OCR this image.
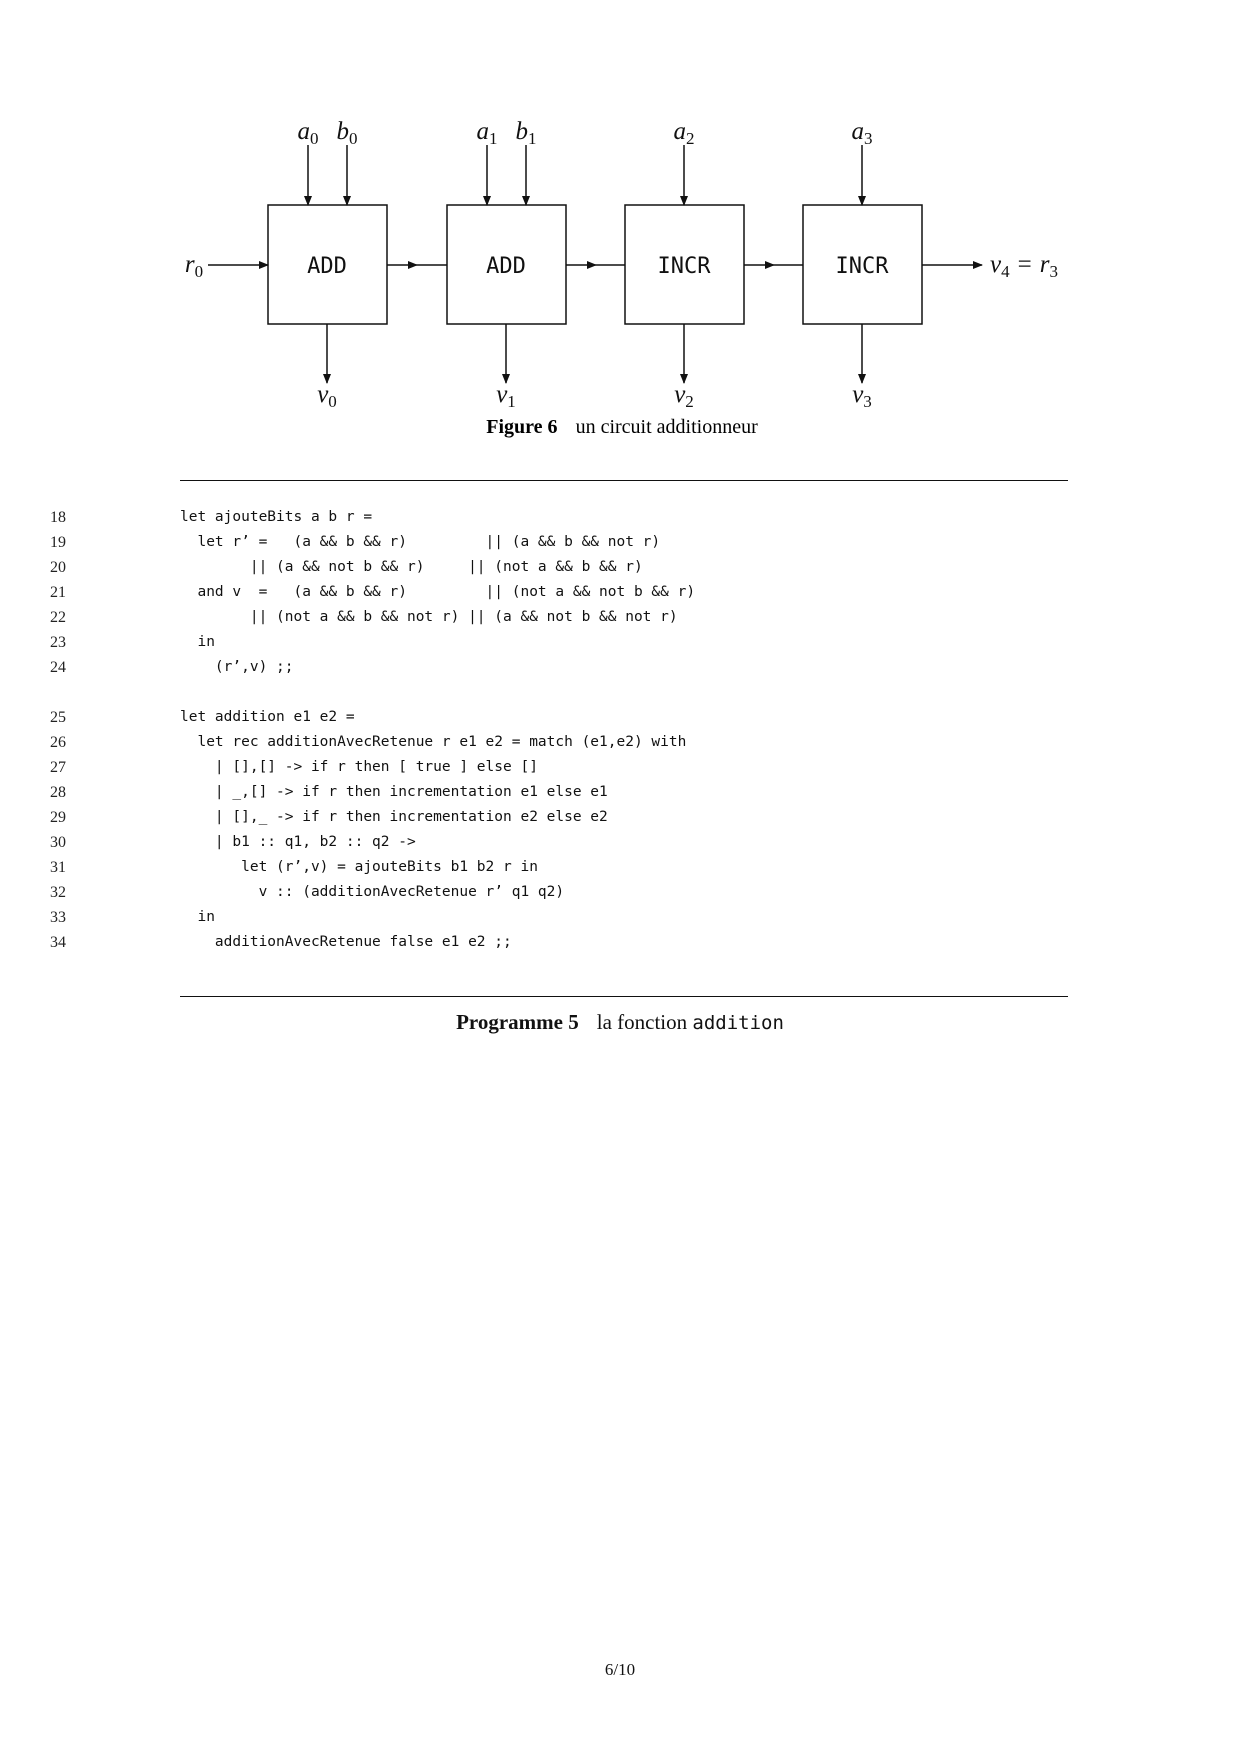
ADD	ADD	INCR	INCR
a0 b0	a1 b1	a2	a3
v0	v1	v2	v3
r0	v4 = r3
Figure 6 un circuit additionneur
18	let ajouteBits a b r =
19	let r’ =   (a && b && r)         || (a && b && not r)
20	|| (a && not b && r)     || (not a && b && r)
21	and v  =   (a && b && r)         || (not a && not b && r)
22	|| (not a && b && not r) || (a && not b && not r)
23	in
24	(r’,v) ;;
25	let addition e1 e2 =
26	let rec additionAvecRetenue r e1 e2 = match (e1,e2) with
27	| [],[] -> if r then [ true ] else []
28	| _,[] -> if r then incrementation e1 else e1
29	| [],_ -> if r then incrementation e2 else e2
30	| b1 :: q1, b2 :: q2 ->
31	let (r’,v) = ajouteBits b1 b2 r in
32	v :: (additionAvecRetenue r’ q1 q2)
33	in
34	additionAvecRetenue false e1 e2 ;;
Programme 5 la fonction addition
6/10
